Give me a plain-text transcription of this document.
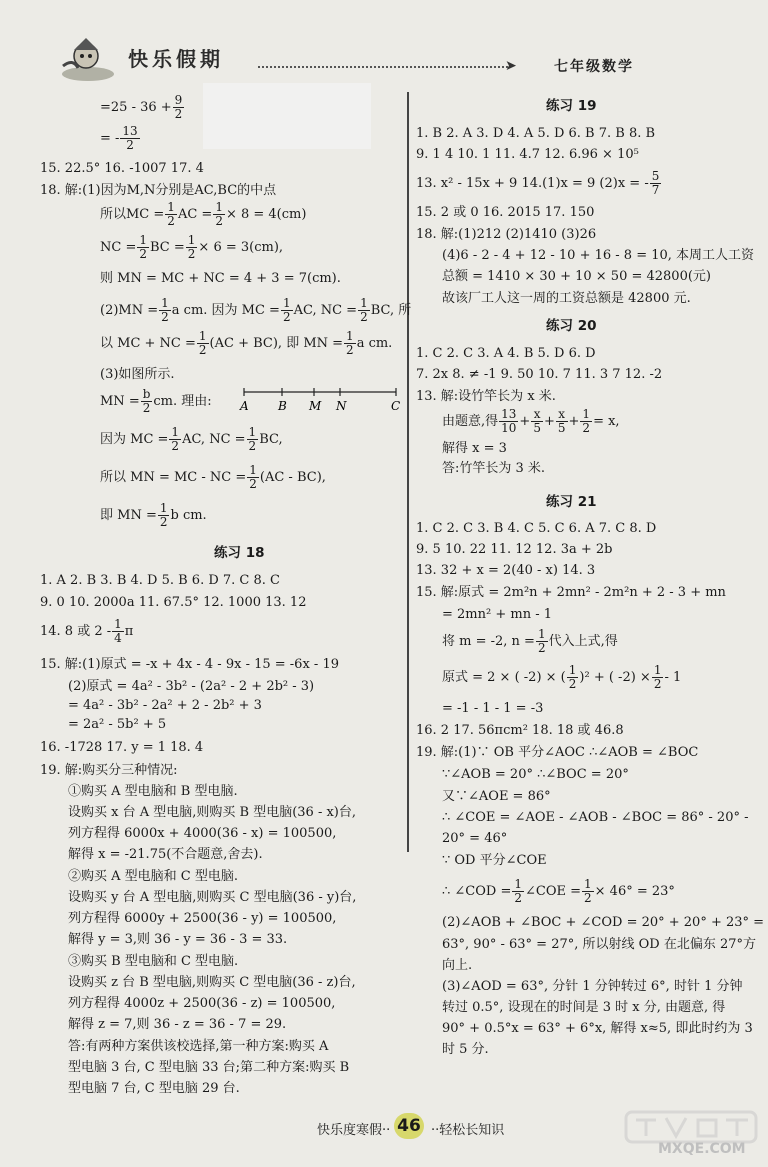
快乐假期	➤	七年级数学
$=25 - 36 + \frac{9}{2}$
= - $\frac{13}{2}$
15. 22.5° 16. -1007 17. 4
18. 解:(1)因为M,N分别是AC,BC的中点
所以MC = $\frac{1}{2}$ AC = $\frac{1}{2} \times 8 = 4(cm)$
NC = $\frac{1}{2}$ BC = $\frac{1}{2} \times 6 = 3(cm)$,
则 MN = MC + NC = 4 + 3 = 7(cm).
$(2)MN = \frac{1}{2}$ a cm. 因为 MC = $\frac{1}{2}$ AC, NC = $\frac{1}{2}$ BC, 所
以 MC + NC = $\frac{1}{2} (AC + BC)$, 即 MN = $\frac{1}{2}$ a cm.
(3)如图所示.
MN = $\frac{b}{2}$ cm. 理由:
因为 MC = $\frac{1}{2}$ AC, NC = $\frac{1}{2}$ BC,
所以 MN = MC - NC = $\frac{1}{2} (AC - BC)$,
即 MN = $\frac{1}{2}$ b cm.
练习 18
1. A 2. B 3. B 4. D 5. B 6. D 7. C 8. C
9. 0 10. 2000a 11. 67.5° 12. 1000 13. 12
14. 8 或 $2 - \frac{1}{4}$ π
15. 解:(1)原式 = -x + 4x - 4 - 9x - 15 = -6x - 19
(2)原式 = 4a² - 3b² - (2a² - 2 + 2b² - 3)
= 4a² - 3b² - 2a² + 2 - 2b² + 3
= 2a² - 5b² + 5
16. -1728 17. y = 1 18. 4
19. 解:购买分三种情况:
①购买 A 型电脑和 B 型电脑.
设购买 x 台 A 型电脑,则购买 B 型电脑(36 - x)台,
列方程得 6000x + 4000(36 - x) = 100500,
解得 x = -21.75(不合题意,舍去).
②购买 A 型电脑和 C 型电脑.
设购买 y 台 A 型电脑,则购买 C 型电脑(36 - y)台,
列方程得 6000y + 2500(36 - y) = 100500,
解得 y = 3,则 36 - y = 36 - 3 = 33.
③购买 B 型电脑和 C 型电脑.
设购买 z 台 B 型电脑,则购买 C 型电脑(36 - z)台,
列方程得 4000z + 2500(36 - z) = 100500,
解得 z = 7,则 36 - z = 36 - 7 = 29.
答:有两种方案供该校选择,第一种方案:购买 A
型电脑 3 台, C 型电脑 33 台;第二种方案:购买 B
型电脑 7 台, C 型电脑 29 台.
A B M N	C
练习 19
1. B 2. A 3. D 4. A 5. D 6. B 7. B 8. B
9. 1 4 10. 1 11. 4.7 12. 6.96 × 10⁵
13. x² - 15x + 9 14.(1)x = 9 (2)x = - $\frac{5}{7}$
15. 2 或 0 16. 2015 17. 150
18. 解:(1)212 (2)1410 (3)26
(4)6 - 2 - 4 + 12 - 10 + 16 - 8 = 10, 本周工人工资
总额 = 1410 × 30 + 10 × 50 = 42800(元)
故该厂工人这一周的工资总额是 42800 元.
练习 20
1. C 2. C 3. A 4. B 5. D 6. D
7. 2x 8. ≠ -1 9. 50 10. 7 11. 3 7 12. -2
13. 解:设竹竿长为 x 米.
由题意,得 $\frac{13}{10} + \frac{x}{5} + \frac{x}{5} + \frac{1}{2} = x$,
解得 x = 3
答:竹竿长为 3 米.
练习 21
1. C 2. C 3. B 4. C 5. C 6. A 7. C 8. D
9. 5 10. 22 11. 12 12. 3a + 2b
13. 32 + x = 2(40 - x) 14. 3
15. 解:原式 = 2m²n + 2mn² - 2m²n + 2 - 3 + mn
= 2mn² + mn - 1
将 m = -2, $n = \frac{1}{2}$ 代入上式,得
原式 = 2 × ( -2) × ( $\frac{1}{2} )^2$ + ( $-2) \times \frac{1}{2} - 1$
= -1 - 1 - 1 = -3
16. 2 17. 56πcm² 18. 18 或 46.8
19. 解:(1)∵ OB 平分∠AOC ∴∠AOB = ∠BOC
∵∠AOB = 20° ∴∠BOC = 20°
又∵∠AOE = 86°
∴ ∠COE = ∠AOE - ∠AOB - ∠BOC = 86° - 20° -
20° = 46°
∵ OD 平分∠COE
∴ ∠COD = $\frac{1}{2}$ ∠COE = $\frac{1}{2} \times 46^\circ = 23^\circ$
(2)∠AOB + ∠BOC + ∠COD = 20° + 20° + 23° =
63°, 90° - 63° = 27°, 所以射线 OD 在北偏东 27°方
向上.
(3)∠AOD = 63°, 分针 1 分钟转过 6°, 时针 1 分钟
转过 0.5°, 设现在的时间是 3 时 x 分, 由题意, 得
90° + 0.5°x = 63° + 6°x, 解得 x≈5, 即此时约为 3
时 5 分.
快乐度寒假·· 46 ··轻松长知识
MXQE.COM
